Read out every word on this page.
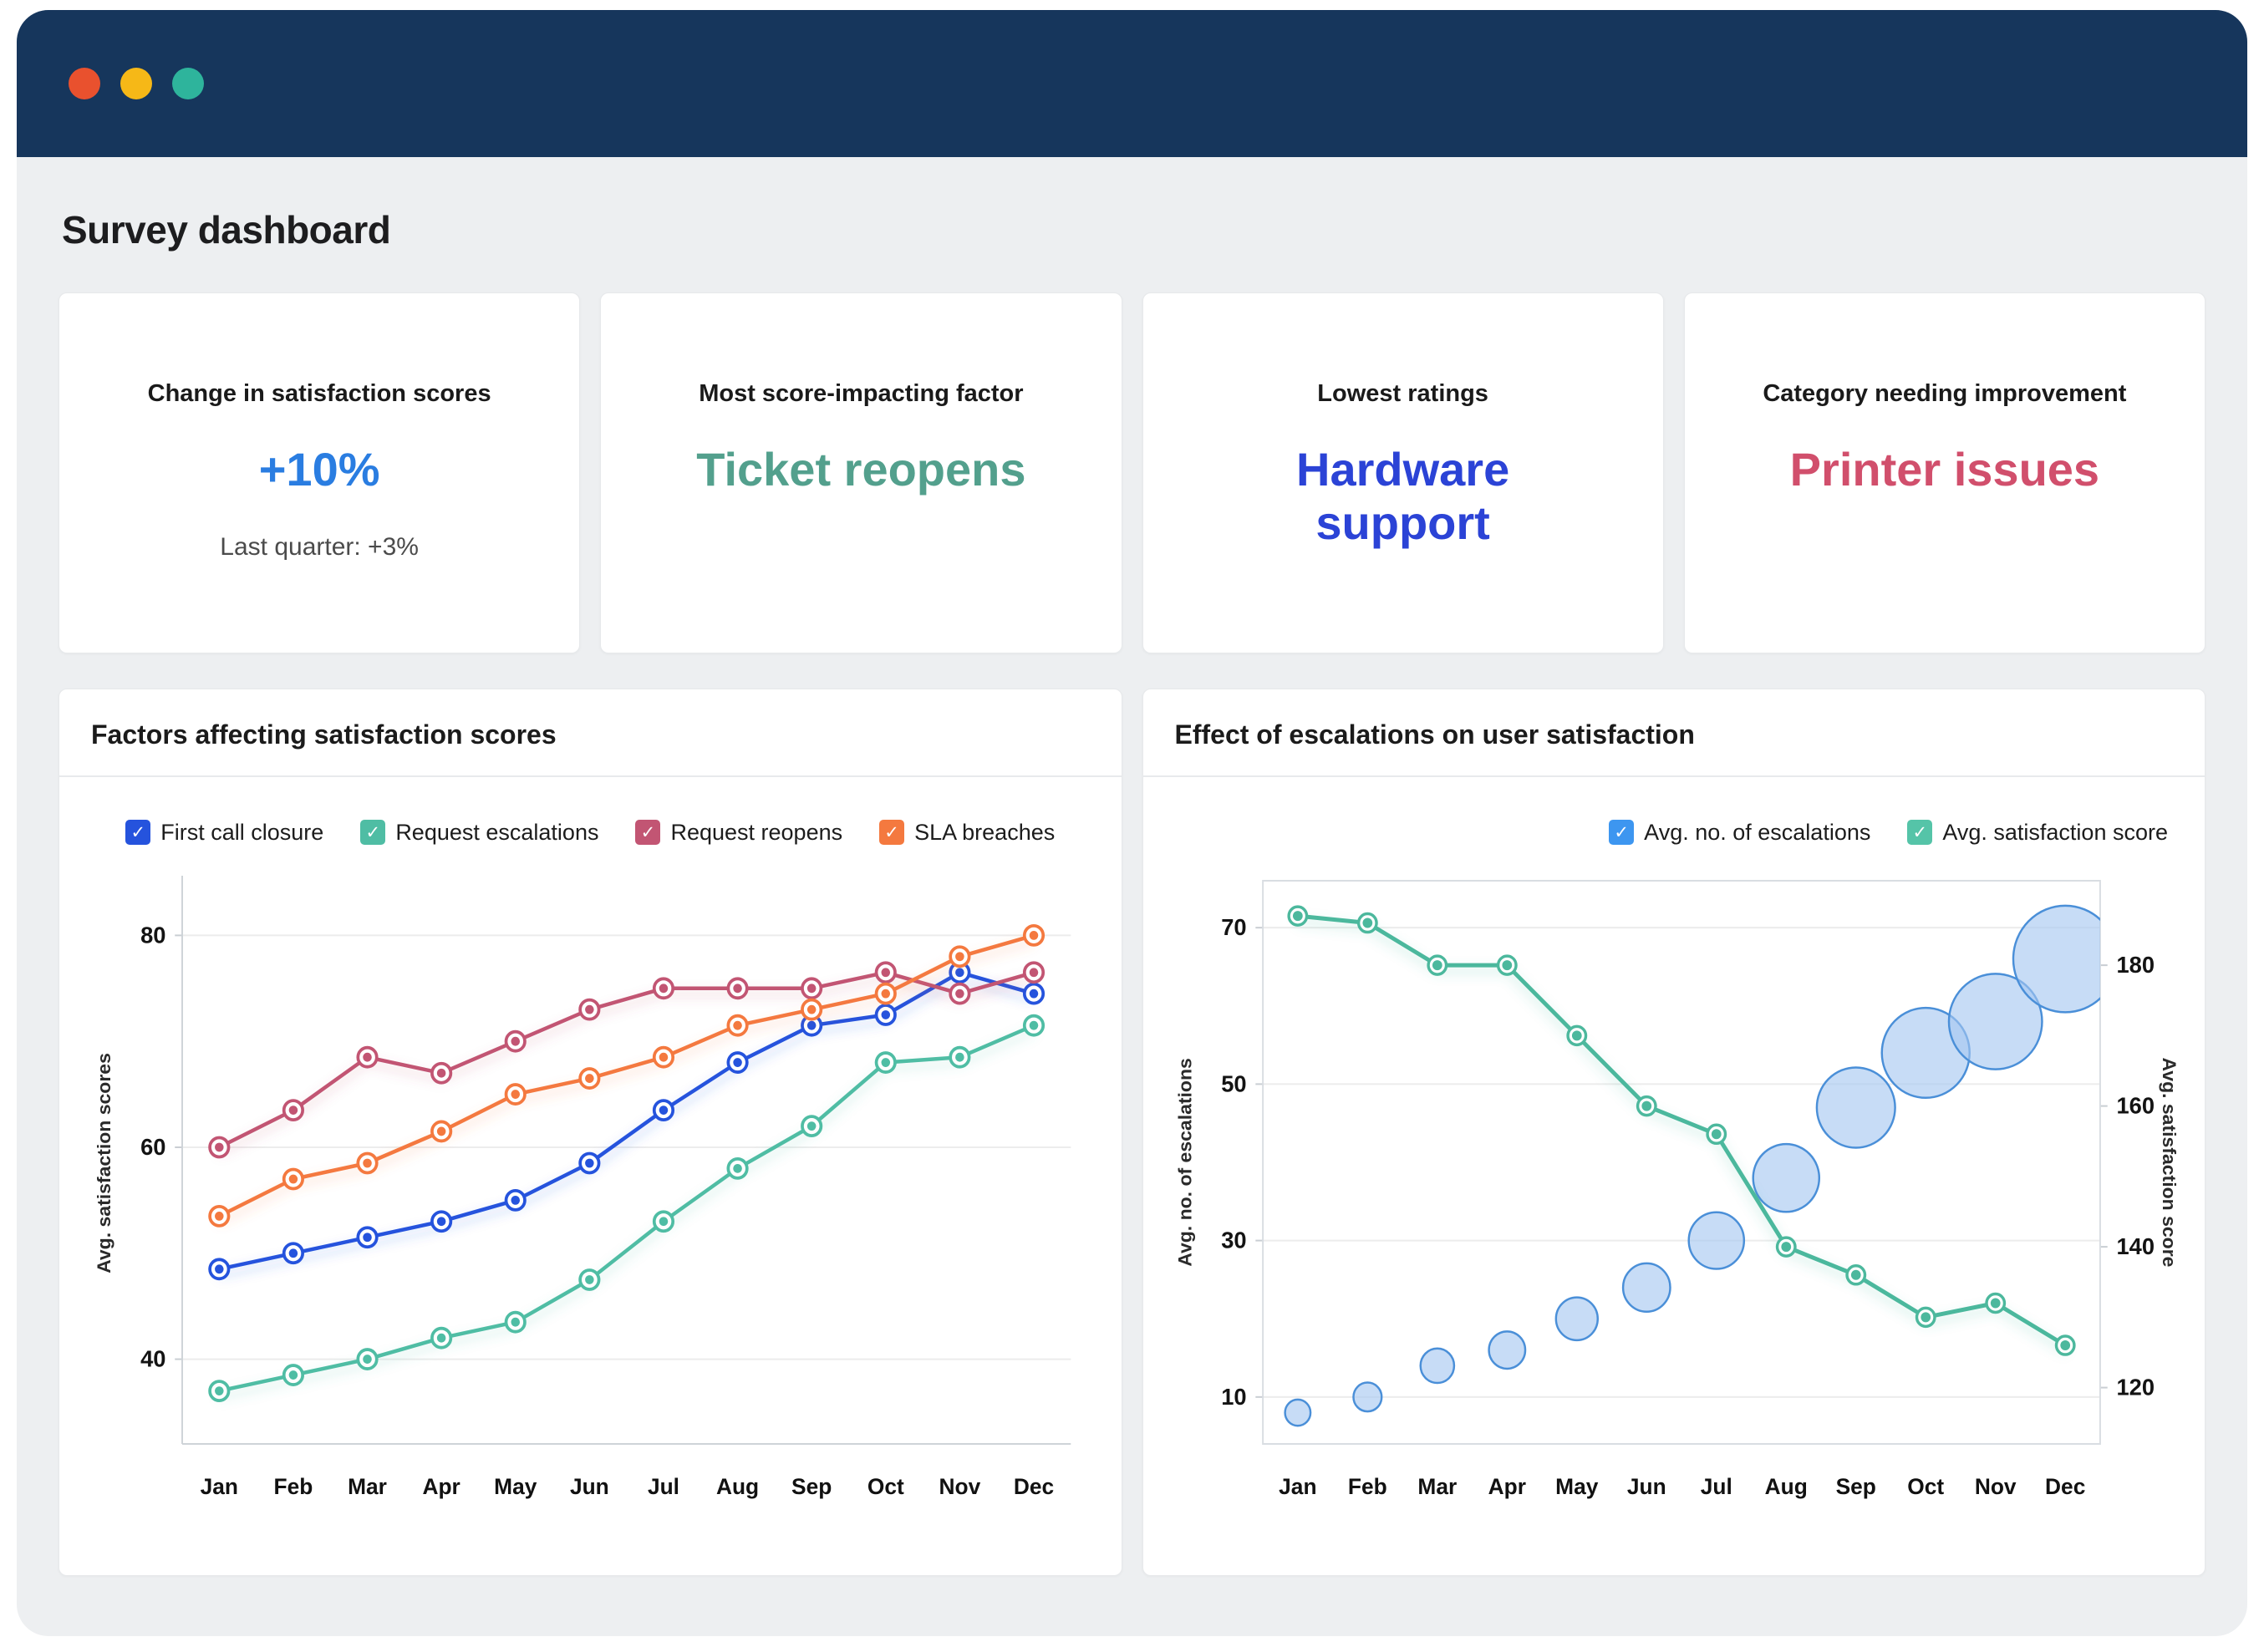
Survey dashboard
Change in satisfaction scores
+10%
Last quarter: +3%
Most score-impacting factor
Ticket reopens
Lowest ratings
Hardware support
Category needing improvement
Printer issues
Factors affecting satisfaction scores
✓ First call closure ✓ Request escalations ✓ Request reopens ✓ SLA breaches
40
60
80
Jan Feb Mar Apr May Jun Jul Aug Sep Oct Nov Dec
Avg. satisfaction scores
Effect of escalations on user satisfaction
✓ Avg. no. of escalations ✓ Avg. satisfaction score
10
30
50
70
120
140
160
180
Jan Feb Mar Apr May Jun Jul Aug Sep Oct Nov Dec
Avg. no. of escalations	Avg. satisfaction score
